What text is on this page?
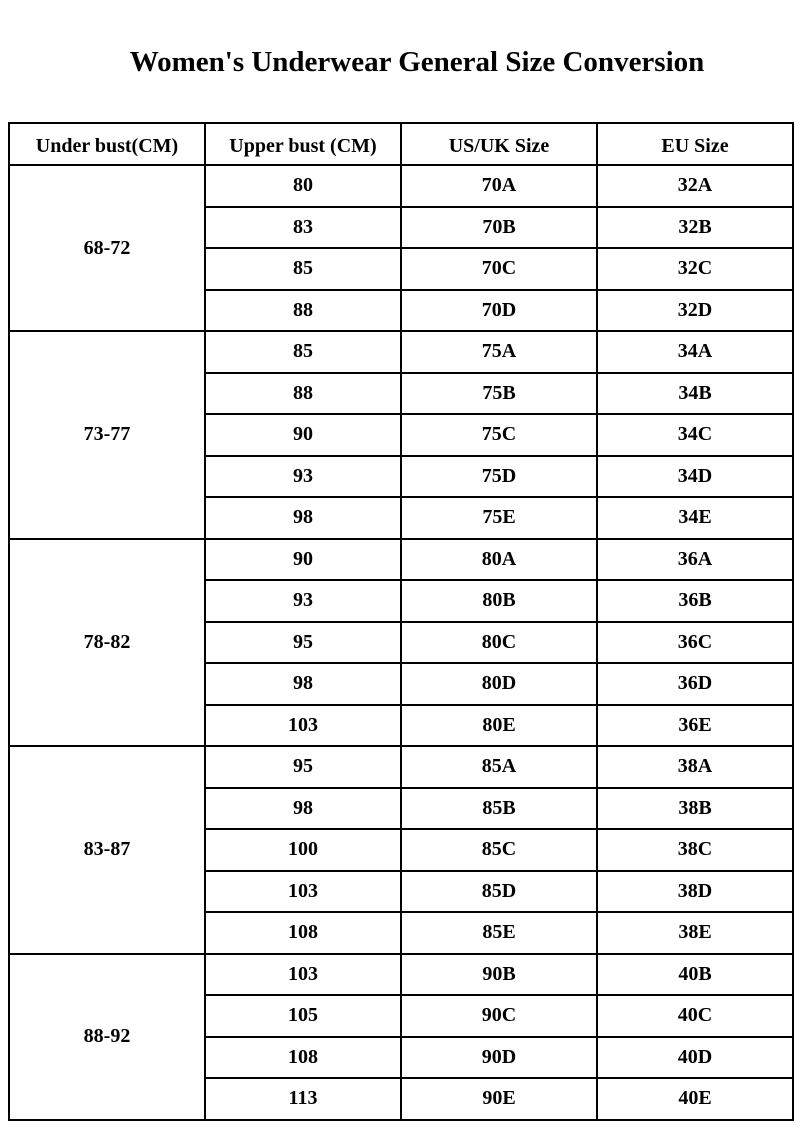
Women's Underwear General Size Conversion
Under bust(CM)	Upper bust (CM)	US/UK Size	EU Size
68-72	80	70A	32A
	83	70B	32B
	85	70C	32C
	88	70D	32D
73-77	85	75A	34A
	88	75B	34B
	90	75C	34C
	93	75D	34D
	98	75E	34E
78-82	90	80A	36A
	93	80B	36B
	95	80C	36C
	98	80D	36D
	103	80E	36E
83-87	95	85A	38A
	98	85B	38B
	100	85C	38C
	103	85D	38D
	108	85E	38E
88-92	103	90B	40B
	105	90C	40C
	108	90D	40D
	113	90E	40E
